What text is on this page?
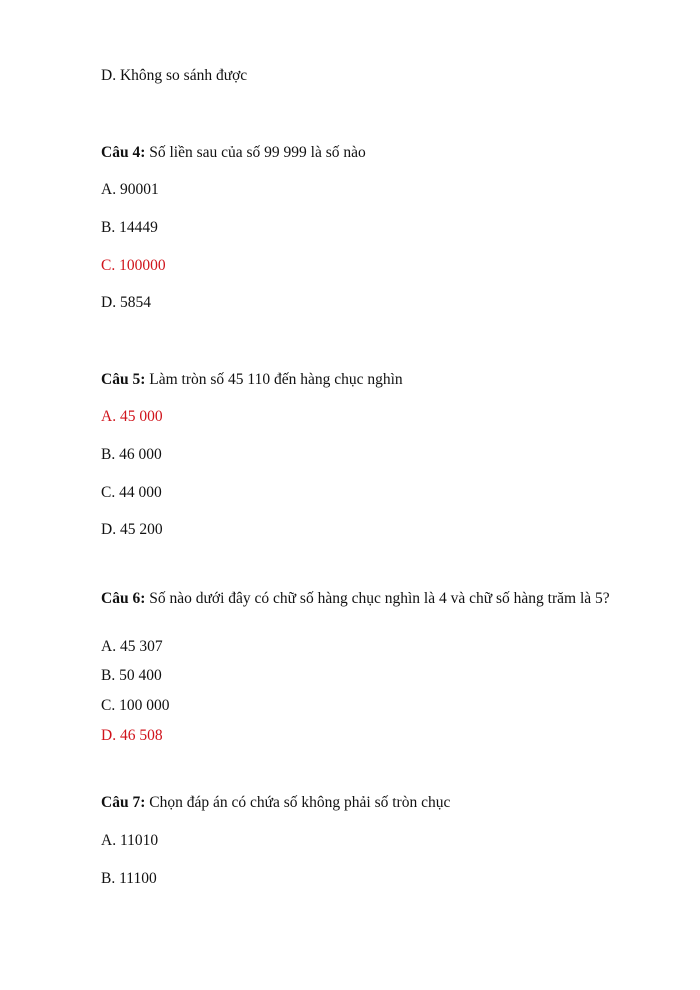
D. Không so sánh được
Câu 4: Số liền sau của số 99 999 là số nào
A. 90001
B. 14449
C. 100000
D. 5854
Câu 5: Làm tròn số 45 110 đến hàng chục nghìn
A. 45 000
B. 46 000
C. 44 000
D. 45 200
Câu 6: Số nào dưới đây có chữ số hàng chục nghìn là 4 và chữ số hàng trăm là 5?
A. 45 307
B. 50 400
C. 100 000
D. 46 508
Câu 7: Chọn đáp án có chứa số không phải số tròn chục
A. 11010
B. 11100
